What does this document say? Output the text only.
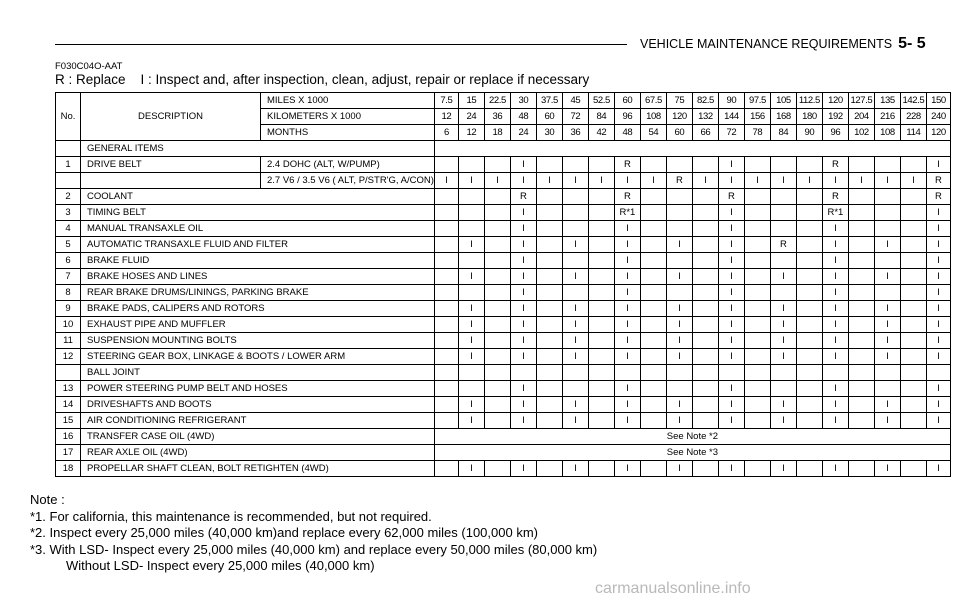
VEHICLE MAINTENANCE REQUIREMENTS 5- 5
F030C04O-AAT
R : Replace    I : Inspect and, after inspection, clean, adjust, repair or replace if necessary
No.	DESCRIPTION	MILES X 1000	7.5	15	22.5	30	37.5	45	52.5	60	67.5	75	82.5	90	97.5	105	112.5	120	127.5	135	142.5	150
		KILOMETERS X 1000	12	24	36	48	60	72	84	96	108	120	132	144	156	168	180	192	204	216	228	240
		MONTHS	6	12	18	24	30	36	42	48	54	60	66	72	78	84	90	96	102	108	114	120
	GENERAL ITEMS																					
1	DRIVE BELT	2.4 DOHC (ALT, W/PUMP)				I				R				I				R				I
		2.7 V6 / 3.5 V6 ( ALT, P/STR'G, A/CON)	I	I	I	I	I	I	I	I	I	R	I	I	I	I	I	I	I	I	I	R
2	COOLANT					R				R				R				R				R
3	TIMING BELT					I				R*1				I				R*1				I
4	MANUAL TRANSAXLE OIL					I				I				I				I				I
5	AUTOMATIC TRANSAXLE FLUID AND FILTER			I		I		I		I		I		I		R		I		I		I
6	BRAKE FLUID					I				I				I				I				I
7	BRAKE HOSES AND LINES			I		I		I		I		I		I		I		I		I		I
8	REAR BRAKE DRUMS/LININGS, PARKING BRAKE					I				I				I				I				I
9	BRAKE PADS, CALIPERS AND ROTORS			I		I		I		I		I		I		I		I		I		I
10	EXHAUST PIPE AND MUFFLER			I		I		I		I		I		I		I		I		I		I
11	SUSPENSION MOUNTING BOLTS			I		I		I		I		I		I		I		I		I		I
12	STEERING GEAR BOX, LINKAGE & BOOTS / LOWER ARM			I		I		I		I		I		I		I		I		I		I
	BALL JOINT																					
13	POWER STEERING PUMP BELT AND HOSES					I				I				I				I				I
14	DRIVESHAFTS AND BOOTS			I		I		I		I		I		I		I		I		I		I
15	AIR CONDITIONING REFRIGERANT			I		I		I		I		I		I		I		I		I		I
16	TRANSFER CASE OIL (4WD)		See Note *2																			
17	REAR AXLE OIL (4WD)		See Note *3																			
18	PROPELLAR SHAFT CLEAN, BOLT RETIGHTEN (4WD)			I		I		I		I		I		I		I		I		I		I
Note :
*1. For california, this maintenance is recommended, but not required.
*2. Inspect every 25,000 miles (40,000 km)and replace every 62,000 miles (100,000 km)
*3. With LSD- Inspect every 25,000 miles (40,000 km) and replace every 50,000 miles (80,000 km)
Without LSD- Inspect every 25,000 miles (40,000 km)
carmanualsonline.info
